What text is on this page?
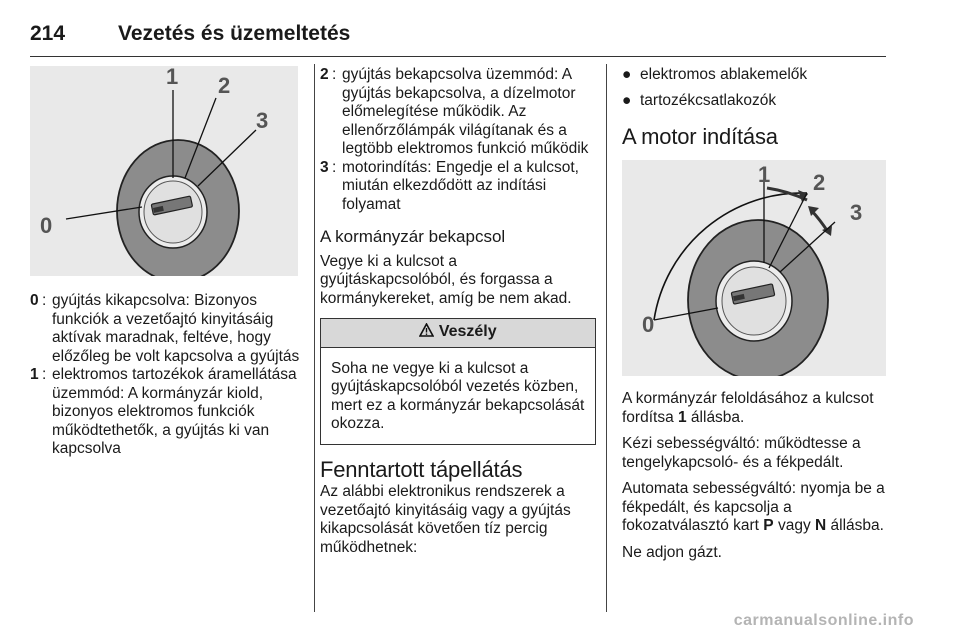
214	Vezetés és üzemeltetés
1 2
3
0
0 : gyújtás kikapcsolva: Bizonyos funkciók a vezetőajtó kinyitásáig aktívak maradnak, feltéve, hogy előzőleg be volt kapcsolva a gyújtás
1 : elektromos tartozékok áramellátása üzemmód: A kormányzár kiold, bizonyos elektromos funkciók működtethetők, a gyújtás ki van kapcsolva
2 : gyújtás bekapcsolva üzemmód: A gyújtás bekapcsolva, a dízelmotor előmelegítése működik. Az ellenőrzőlámpák világítanak és a legtöbb elektromos funkció működik
3 : motorindítás: Engedje el a kulcsot, miután elkezdődött az indítási folyamat
A kormányzár bekapcsol

Vegye ki a kulcsot a gyújtáskapcsolóból, és forgassa a kormánykereket, amíg be nem akad.

Veszély
Soha ne vegye ki a kulcsot a gyújtáskapcsolóból vezetés közben, mert ez a kormányzár bekapcsolását okozza.
Fenntartott tápellátás

Az alábbi elektronikus rendszerek a vezetőajtó kinyitásáig vagy a gyújtás kikapcsolását követően tíz percig működhetnek:

● elektromos ablakemelők
● tartozékcsatlakozók
A motor indítása
1 2
3
0

A kormányzár feloldásához a kulcsot fordítsa 1 állásba.

Kézi sebességváltó: működtesse a tengelykapcsoló- és a fékpedált.

Automata sebességváltó: nyomja be a fékpedált, és kapcsolja a fokozatválasztó kart P vagy N állásba.

Ne adjon gázt.

carmanualsonline.info
